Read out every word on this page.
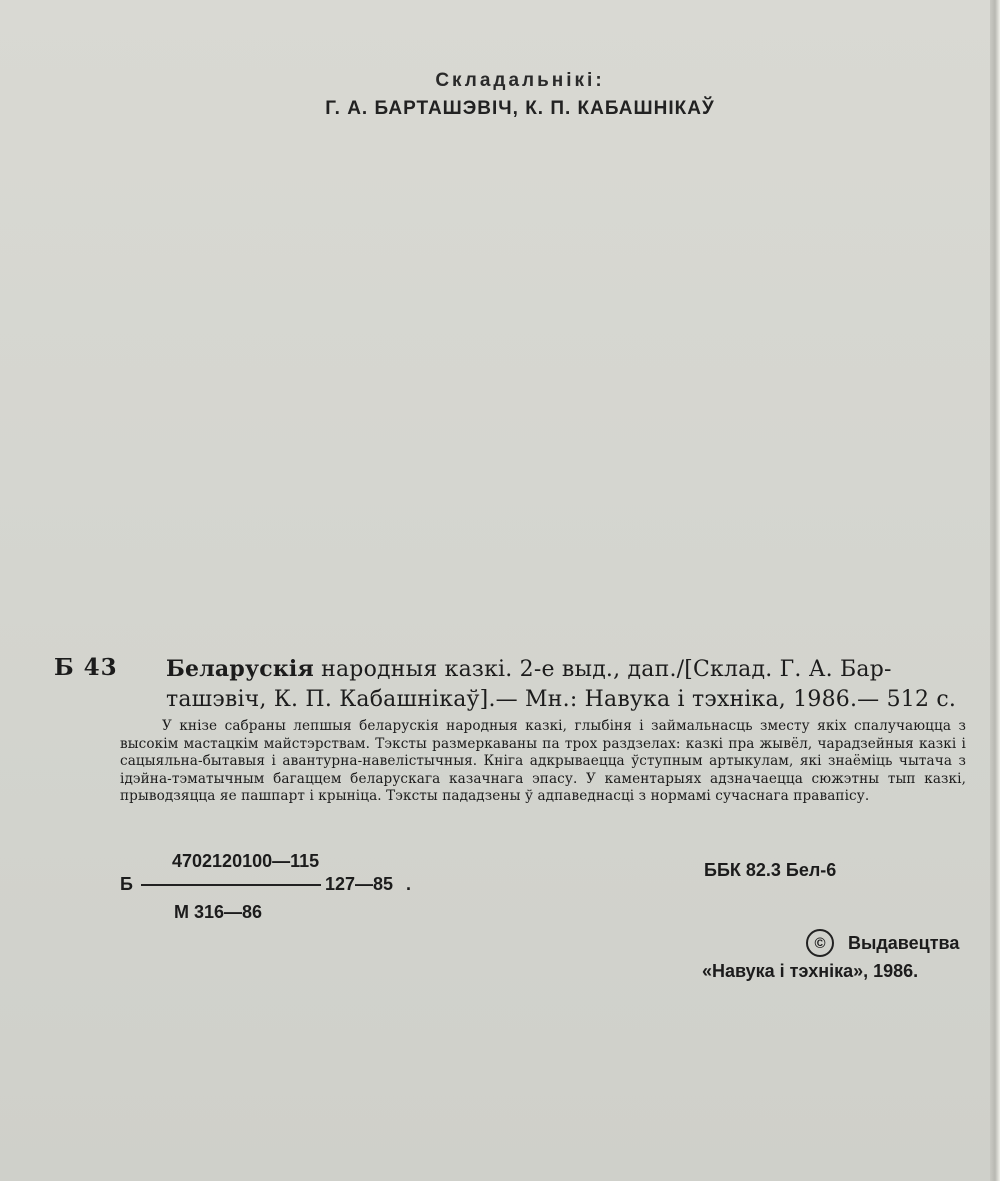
Складальнікі:
Г. А. БАРТАШЭВІЧ, К. П. КАБАШНІКАЎ
Б 43 Беларускія народныя казкі. 2-е выд., дап./[Склад. Г. А. Бар-
ташэвіч, К. П. Кабашнікаў].— Мн.: Навука і тэхніка, 1986.— 512 с.
У кнізе сабраны лепшыя беларускія народныя казкі, глыбіня і займальнасць зместу якіх спалучаюцца з высокім мастацкім майстэрствам. Тэксты размеркаваны па трох раздзелах: казкі пра жывёл, чарадзейныя казкі і сацыяльна-бытавыя і авантурна-навелістычныя. Кніга адкрываецца ўступным артыкулам, які знаёміць чытача з ідэйна-тэматычным багаццем беларускага казачнага эпасу. У каментарыях адзначаецца сюжэтны тып казкі, прыводзяцца яе пашпарт і крыніца. Тэксты пададзены ў адпаведнасці з нормамі сучаснага правапісу.
4702120100—115
Б	127—85 .
М 316—86
ББК 82.3 Бел-6
©	Выдавецтва
«Навука і тэхніка», 1986.
